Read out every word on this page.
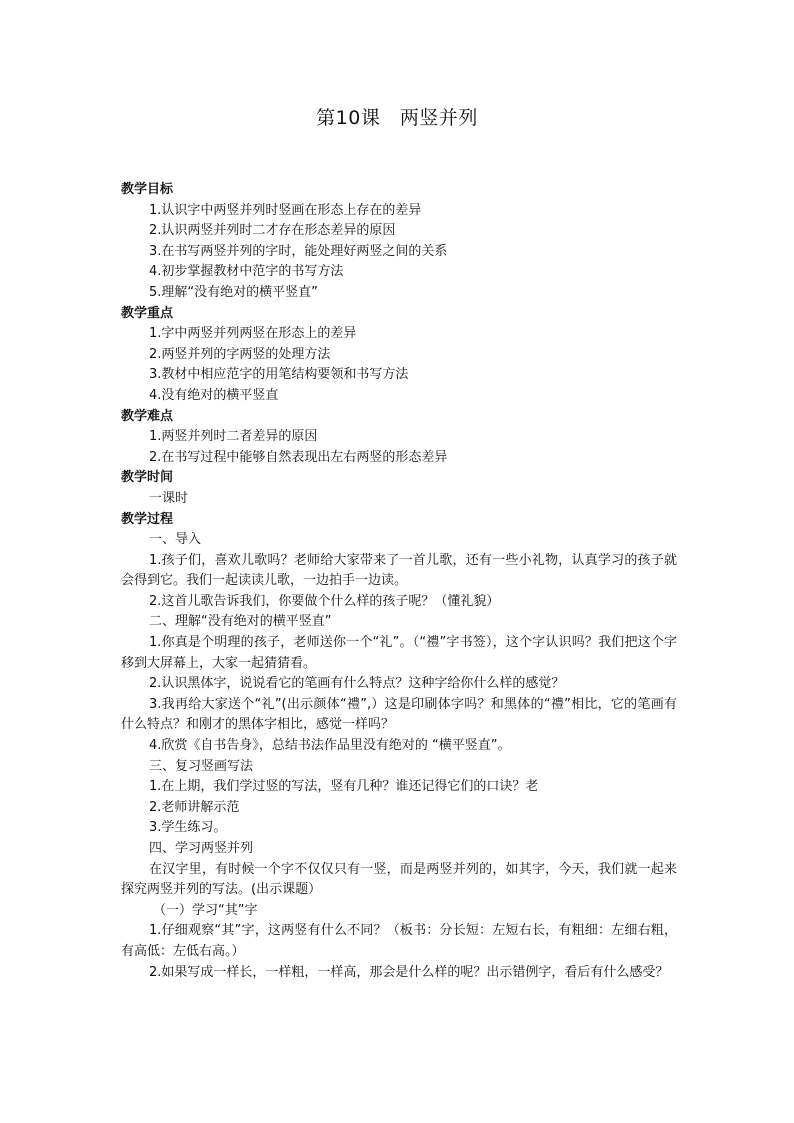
第10课　两竖并列
教学目标
1.认识字中两竖并列时竖画在形态上存在的差异
2.认识两竖并列时二才存在形态差异的原因
3.在书写两竖并列的字时，能处理好两竖之间的关系
4.初步掌握教材中范字的书写方法
5.理解“没有绝对的横平竖直”
教学重点
1.字中两竖并列两竖在形态上的差异
2.两竖并列的字两竖的处理方法
3.教材中相应范字的用笔结构要领和书写方法
4.没有绝对的横平竖直
教学难点
1.两竖并列时二者差异的原因
2.在书写过程中能够自然表现出左右两竖的形态差异
教学时间
一课时
教学过程
一、导入
1.孩子们，喜欢儿歌吗？老师给大家带来了一首儿歌，还有一些小礼物，认真学习的孩子就会得到它。我们一起读读儿歌，一边拍手一边读。
2.这首儿歌告诉我们，你要做个什么样的孩子呢？（懂礼貌）
二、理解“没有绝对的横平竖直”
1.你真是个明理的孩子，老师送你一个“礼”。（“禮”字书签），这个字认识吗？我们把这个字移到大屏幕上，大家一起猜猜看。
2.认识黑体字，说说看它的笔画有什么特点？这种字给你什么样的感觉？
3.我再给大家送个“礼”(出示颜体“禮”,）这是印刷体字吗？和黑体的“禮”相比，它的笔画有什么特点？和刚才的黑体字相比，感觉一样吗？
4.欣赏《自书告身》，总结书法作品里没有绝对的 “横平竖直”。
三、复习竖画写法
1.在上期，我们学过竖的写法，竖有几种？谁还记得它们的口诀？老
2.老师讲解示范
3.学生练习。
四、学习两竖并列
在汉字里，有时候一个字不仅仅只有一竖，而是两竖并列的，如其字，今天，我们就一起来探究两竖并列的写法。(出示课题）
（一）学习“其”字
1.仔细观察“其”字，这两竖有什么不同？（板书：分长短：左短右长，有粗细：左细右粗，有高低：左低右高。）
2.如果写成一样长，一样粗，一样高，那会是什么样的呢？出示错例字，看后有什么感受？
